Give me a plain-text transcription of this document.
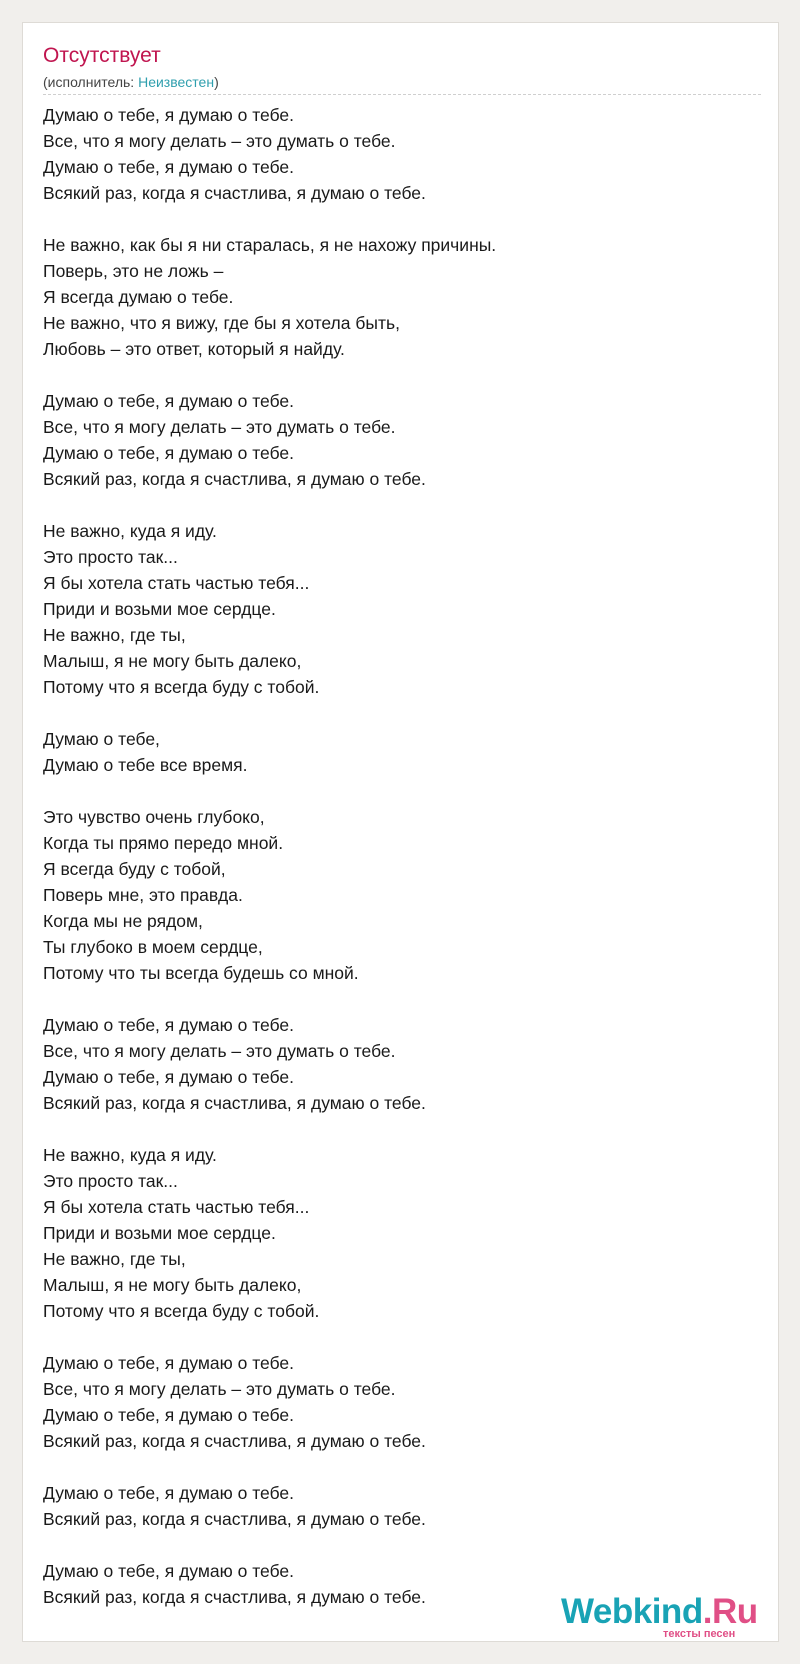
Отсутствует
(исполнитель: Неизвестен)
Думаю о тебе, я думаю о тебе.
Все, что я могу делать – это думать о тебе.
Думаю о тебе, я думаю о тебе.
Всякий раз, когда я счастлива, я думаю о тебе.
Не важно, как бы я ни старалась, я не нахожу причины.
Поверь, это не ложь –
Я всегда думаю о тебе.
Не важно, что я вижу, где бы я хотела быть,
Любовь – это ответ, который я найду.
Думаю о тебе, я думаю о тебе.
Все, что я могу делать – это думать о тебе.
Думаю о тебе, я думаю о тебе.
Всякий раз, когда я счастлива, я думаю о тебе.
Не важно, куда я иду.
Это просто так...
Я бы хотела стать частью тебя...
Приди и возьми мое сердце.
Не важно, где ты,
Малыш, я не могу быть далеко,
Потому что я всегда буду с тобой.
Думаю о тебе,
Думаю о тебе все время.
Это чувство очень глубоко,
Когда ты прямо передо мной.
Я всегда буду с тобой,
Поверь мне, это правда.
Когда мы не рядом,
Ты глубоко в моем сердце,
Потому что ты всегда будешь со мной.
Думаю о тебе, я думаю о тебе.
Все, что я могу делать – это думать о тебе.
Думаю о тебе, я думаю о тебе.
Всякий раз, когда я счастлива, я думаю о тебе.
Не важно, куда я иду.
Это просто так...
Я бы хотела стать частью тебя...
Приди и возьми мое сердце.
Не важно, где ты,
Малыш, я не могу быть далеко,
Потому что я всегда буду с тобой.
Думаю о тебе, я думаю о тебе.
Все, что я могу делать – это думать о тебе.
Думаю о тебе, я думаю о тебе.
Всякий раз, когда я счастлива, я думаю о тебе.
Думаю о тебе, я думаю о тебе.
Всякий раз, когда я счастлива, я думаю о тебе.
Думаю о тебе, я думаю о тебе.
Всякий раз, когда я счастлива, я думаю о тебе.	Webkind.Ru
тексты песен
